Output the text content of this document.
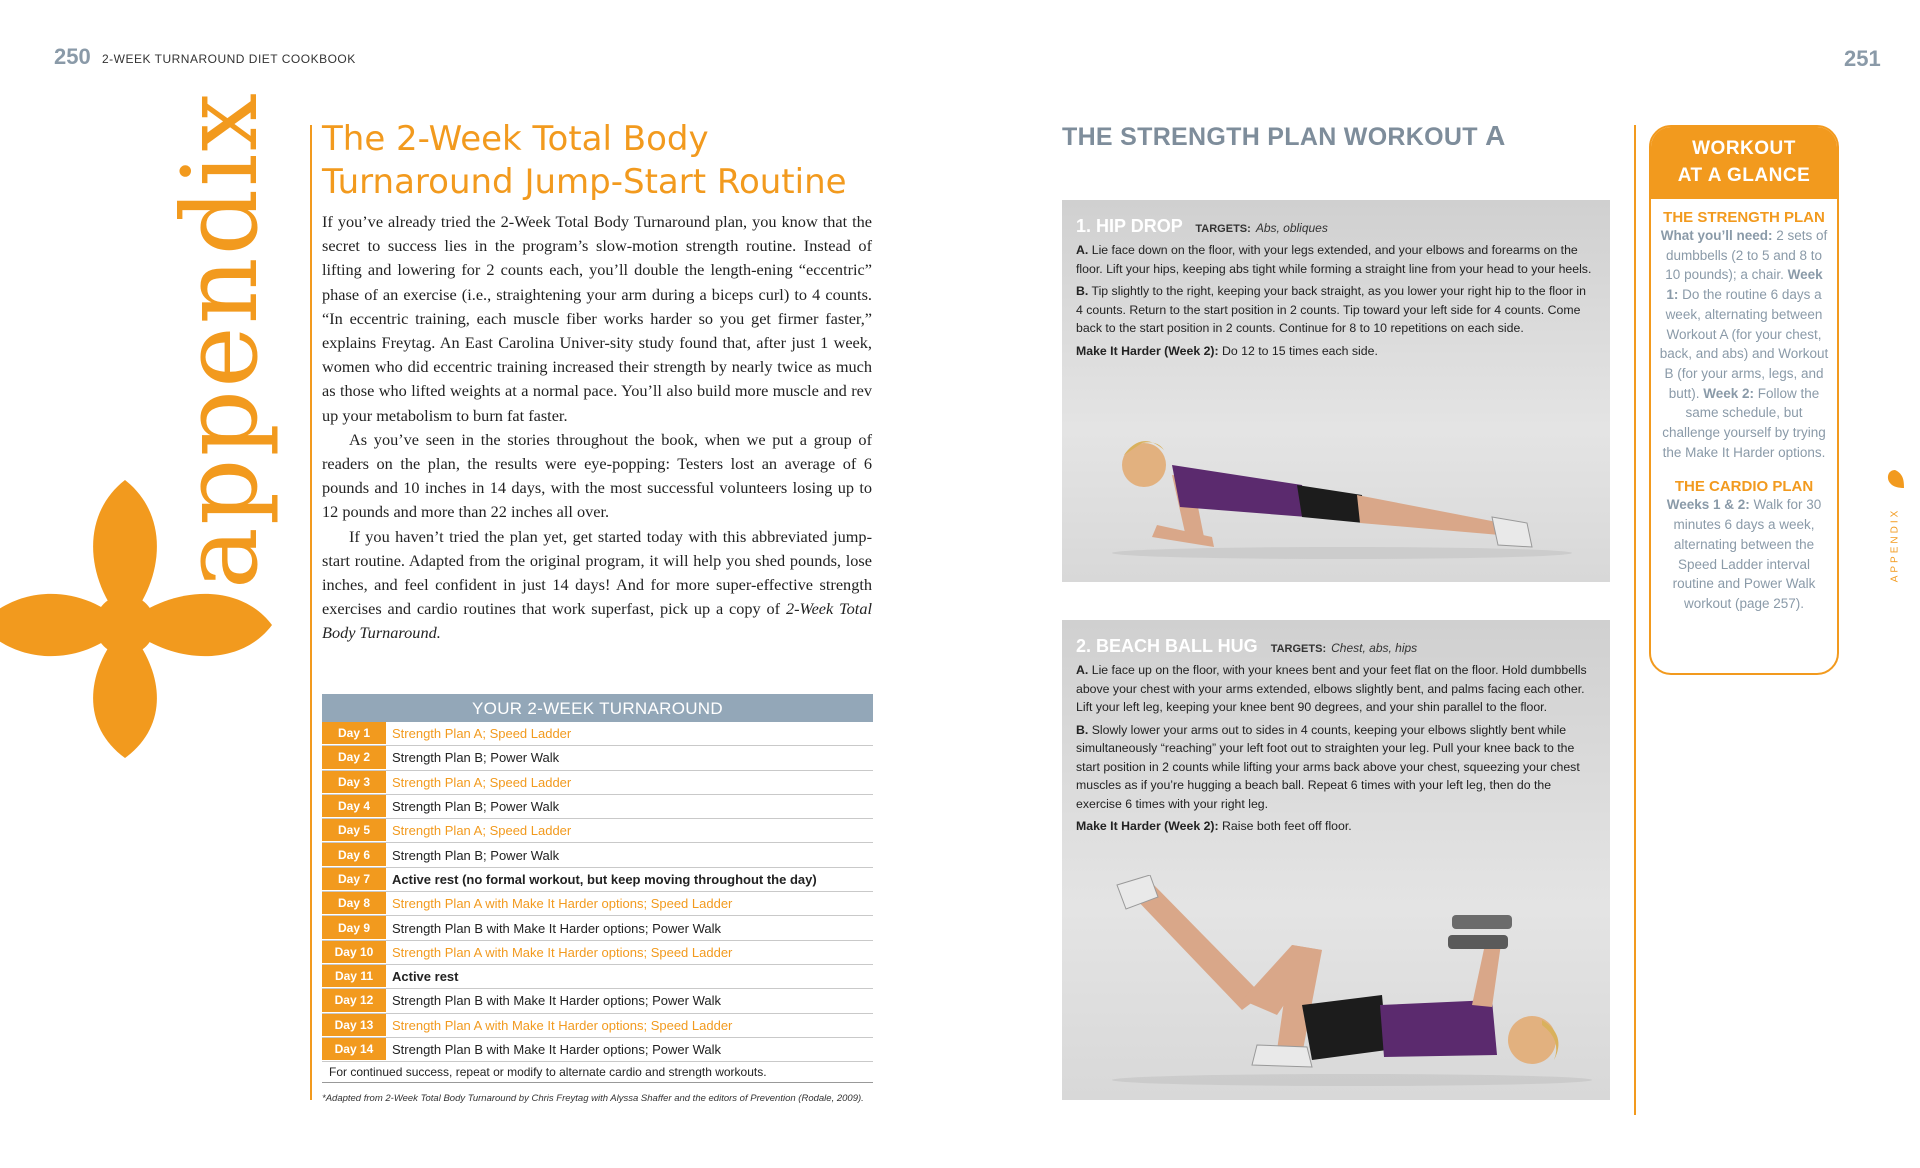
250 2-WEEK TURNAROUND DIET COOKBOOK	251
appendix The 2-Week Total Body
Turnaround Jump-Start Routine

If you’ve already tried the 2-Week Total Body Turnaround plan, you know that the secret to success lies in the program’s slow-motion strength routine. Instead of lifting and lowering for 2 counts each, you’ll double the length-ening “eccentric” phase of an exercise (i.e., straightening your arm during a biceps curl) to 4 counts. “In eccentric training, each muscle fiber works harder so you get firmer faster,” explains Freytag. An East Carolina Univer-sity study found that, after just 1 week, women who did eccentric training increased their strength by nearly twice as much as those who lifted weights at a normal pace. You’ll also build more muscle and rev up your metabolism to burn fat faster.

As you’ve seen in the stories throughout the book, when we put a group of readers on the plan, the results were eye-popping: Testers lost an average of 6 pounds and 10 inches in 14 days, with the most successful volunteers losing up to 12 pounds and more than 22 inches all over.

If you haven’t tried the plan yet, get started today with this abbreviated jump-start routine. Adapted from the original program, it will help you shed pounds, lose inches, and feel confident in just 14 days! And for more super-effective strength exercises and cardio routines that work superfast, pick up a copy of 2-Week Total Body Turnaround.

YOUR 2-WEEK TURNAROUND
Day 1	Strength Plan A; Speed Ladder
Day 2	Strength Plan B; Power Walk
Day 3	Strength Plan A; Speed Ladder
Day 4	Strength Plan B; Power Walk
Day 5	Strength Plan A; Speed Ladder
Day 6	Strength Plan B; Power Walk
Day 7	Active rest (no formal workout, but keep moving throughout the day)
Day 8	Strength Plan A with Make It Harder options; Speed Ladder
Day 9	Strength Plan B with Make It Harder options; Power Walk
Day 10	Strength Plan A with Make It Harder options; Speed Ladder
Day 11	Active rest
Day 12	Strength Plan B with Make It Harder options; Power Walk
Day 13	Strength Plan A with Make It Harder options; Speed Ladder
Day 14	Strength Plan B with Make It Harder options; Power Walk
For continued success, repeat or modify to alternate cardio and strength workouts.
*Adapted from 2-Week Total Body Turnaround by Chris Freytag with Alyssa Shaffer and the editors of Prevention (Rodale, 2009).
THE STRENGTH PLAN WORKOUT A
1. HIP DROP TARGETS: Abs, obliques

A. Lie face down on the floor, with your legs extended, and your elbows and forearms on the floor. Lift your hips, keeping abs tight while forming a straight line from your head to your heels.

B. Tip slightly to the right, keeping your back straight, as you lower your right hip to the floor in 4 counts. Return to the start position in 2 counts. Tip toward your left side for 4 counts. Come back to the start position in 2 counts. Continue for 8 to 10 repetitions on each side.

Make It Harder (Week 2): Do 12 to 15 times each side.

2. BEACH BALL HUG TARGETS: Chest, abs, hips

A. Lie face up on the floor, with your knees bent and your feet flat on the floor. Hold dumbbells above your chest with your arms extended, elbows slightly bent, and palms facing each other. Lift your left leg, keeping your knee bent 90 degrees, and your shin parallel to the floor.

B. Slowly lower your arms out to sides in 4 counts, keeping your elbows slightly bent while simultaneously “reaching” your left foot out to straighten your leg. Pull your knee back to the start position in 2 counts while lifting your arms back above your chest, squeezing your chest muscles as if you’re hugging a beach ball. Repeat 6 times with your left leg, then do the exercise 6 times with your right leg.

Make It Harder (Week 2): Raise both feet off floor.

WORKOUT
AT A GLANCE
THE STRENGTH PLAN
What you’ll need: 2 sets of dumbbells (2 to 5 and 8 to 10 pounds); a chair. Week 1: Do the routine 6 days a week, alternating between Workout A (for your chest, back, and abs) and Workout B (for your arms, legs, and butt). Week 2: Follow the same schedule, but challenge yourself by trying the Make It Harder options.
THE CARDIO PLAN
Weeks 1 & 2: Walk for 30 minutes 6 days a week, alternating between the Speed Ladder interval routine and Power Walk workout (page 257).
APPENDIX
